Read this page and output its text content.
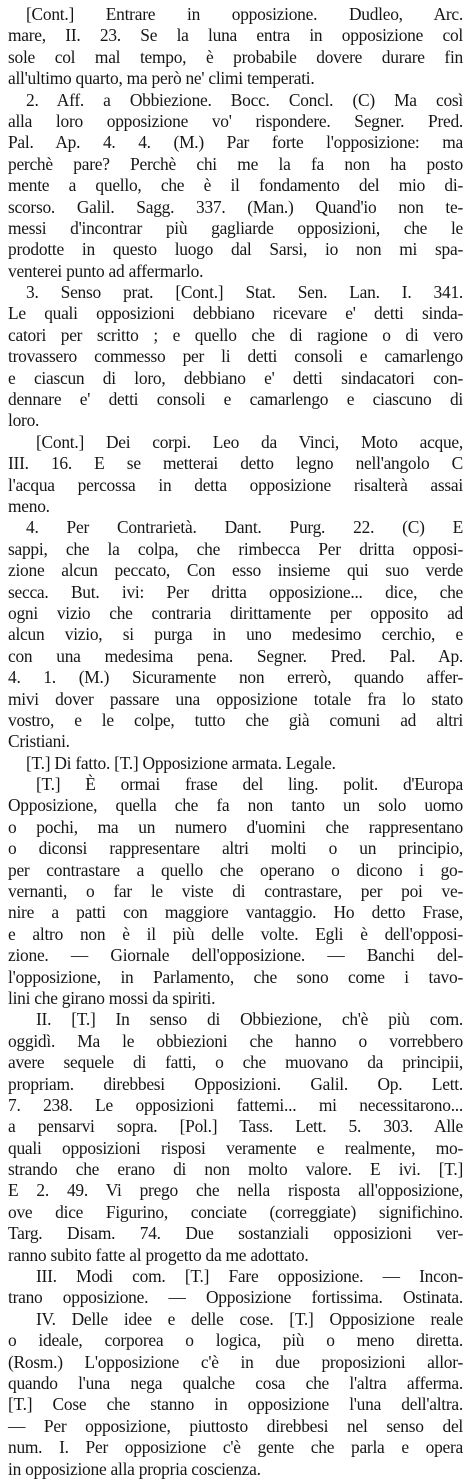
[Cont.] Entrare in opposizione. Dudleo, Arc.
mare, II. 23. Se la luna entra in opposizione col
sole col mal tempo, è probabile dovere durare fin
all'ultimo quarto, ma però ne' climi temperati.
2. Aff. a Obbiezione. Bocc. Concl. (C) Ma così
alla loro opposizione vo' rispondere. Segner. Pred.
Pal. Ap. 4. 4. (M.) Par forte l'opposizione: ma
perchè pare? Perchè chi me la fa non ha posto
mente a quello, che è il fondamento del mio di-
scorso. Galil. Sagg. 337. (Man.) Quand'io non te-
messi d'incontrar più gagliarde opposizioni, che le
prodotte in questo luogo dal Sarsi, io non mi spa-
venterei punto ad affermarlo.
3. Senso prat. [Cont.] Stat. Sen. Lan. I. 341.
Le quali opposizioni debbiano ricevare e' detti sinda-
catori per scritto ; e quello che di ragione o di vero
trovassero commesso per li detti consoli e camarlengo
e ciascun di loro, debbiano e' detti sindacatori con-
dennare e' detti consoli e camarlengo e ciascuno di
loro.
[Cont.] Dei corpi. Leo da Vinci, Moto acque,
III. 16. E se metterai detto legno nell'angolo C
l'acqua percossa in detta opposizione risalterà assai
meno.
4. Per Contrarietà. Dant. Purg. 22. (C) E
sappi, che la colpa, che rimbecca Per dritta opposi-
zione alcun peccato, Con esso insieme qui suo verde
secca. But. ivi: Per dritta opposizione... dice, che
ogni vizio che contraria dirittamente per opposito ad
alcun vizio, si purga in uno medesimo cerchio, e
con una medesima pena. Segner. Pred. Pal. Ap.
4. 1. (M.) Sicuramente non errerò, quando affer-
mivi dover passare una opposizione totale fra lo stato
vostro, e le colpe, tutto che già comuni ad altri
Cristiani.
[T.] Di fatto. [T.] Opposizione armata. Legale.
[T.] È ormai frase del ling. polit. d'Europa
Opposizione, quella che fa non tanto un solo uomo
o pochi, ma un numero d'uomini che rappresentano
o diconsi rappresentare altri molti o un principio,
per contrastare a quello che operano o dicono i go-
vernanti, o far le viste di contrastare, per poi ve-
nire a patti con maggiore vantaggio. Ho detto Frase,
e altro non è il più delle volte. Egli è dell'opposi-
zione. — Giornale dell'opposizione. — Banchi del-
l'opposizione, in Parlamento, che sono come i tavo-
lini che girano mossi da spiriti.
II. [T.] In senso di Obbiezione, ch'è più com.
oggidì. Ma le obbiezioni che hanno o vorrebbero
avere sequele di fatti, o che muovano da principii,
propriam. direbbesi Opposizioni. Galil. Op. Lett.
7. 238. Le opposizioni fattemi... mi necessitarono...
a pensarvi sopra. [Pol.] Tass. Lett. 5. 303. Alle
quali opposizioni risposi veramente e realmente, mo-
strando che erano di non molto valore. E ivi. [T.]
E 2. 49. Vi prego che nella risposta all'opposizione,
ove dice Figurino, conciate (correggiate) significhino.
Targ. Disam. 74. Due sostanziali opposizioni ver-
ranno subito fatte al progetto da me adottato.
III. Modi com. [T.] Fare opposizione. — Incon-
trano opposizione. — Opposizione fortissima. Ostinata.
IV. Delle idee e delle cose. [T.] Opposizione reale
o ideale, corporea o logica, più o meno diretta.
(Rosm.) L'opposizione c'è in due proposizioni allor-
quando l'una nega qualche cosa che l'altra afferma.
[T.] Cose che stanno in opposizione l'una dell'altra.
— Per opposizione, piuttosto direbbesi nel senso del
num. I. Per opposizione c'è gente che parla e opera
in opposizione alla propria coscienza.
